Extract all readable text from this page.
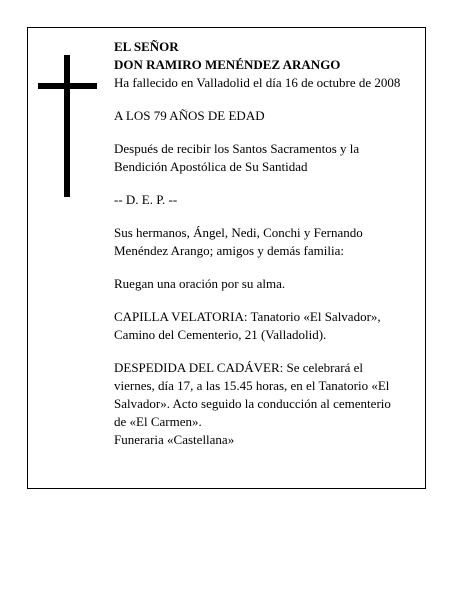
EL SEÑOR
DON RAMIRO MENÉNDEZ ARANGO
Ha fallecido en Valladolid el día 16 de octubre de 2008
A LOS 79 AÑOS DE EDAD
Después de recibir los Santos Sacramentos y la
Bendición Apostólica de Su Santidad
-- D. E. P. --
Sus hermanos, Ángel, Nedi, Conchi y Fernando
Menéndez Arango; amigos y demás familia:
Ruegan una oración por su alma.
CAPILLA VELATORIA: Tanatorio «El Salvador»,
Camino del Cementerio, 21 (Valladolid).
DESPEDIDA DEL CADÁVER: Se celebrará el
viernes, día 17, a las 15.45 horas, en el Tanatorio «El
Salvador». Acto seguido la conducción al cementerio
de «El Carmen».
Funeraria «Castellana»
